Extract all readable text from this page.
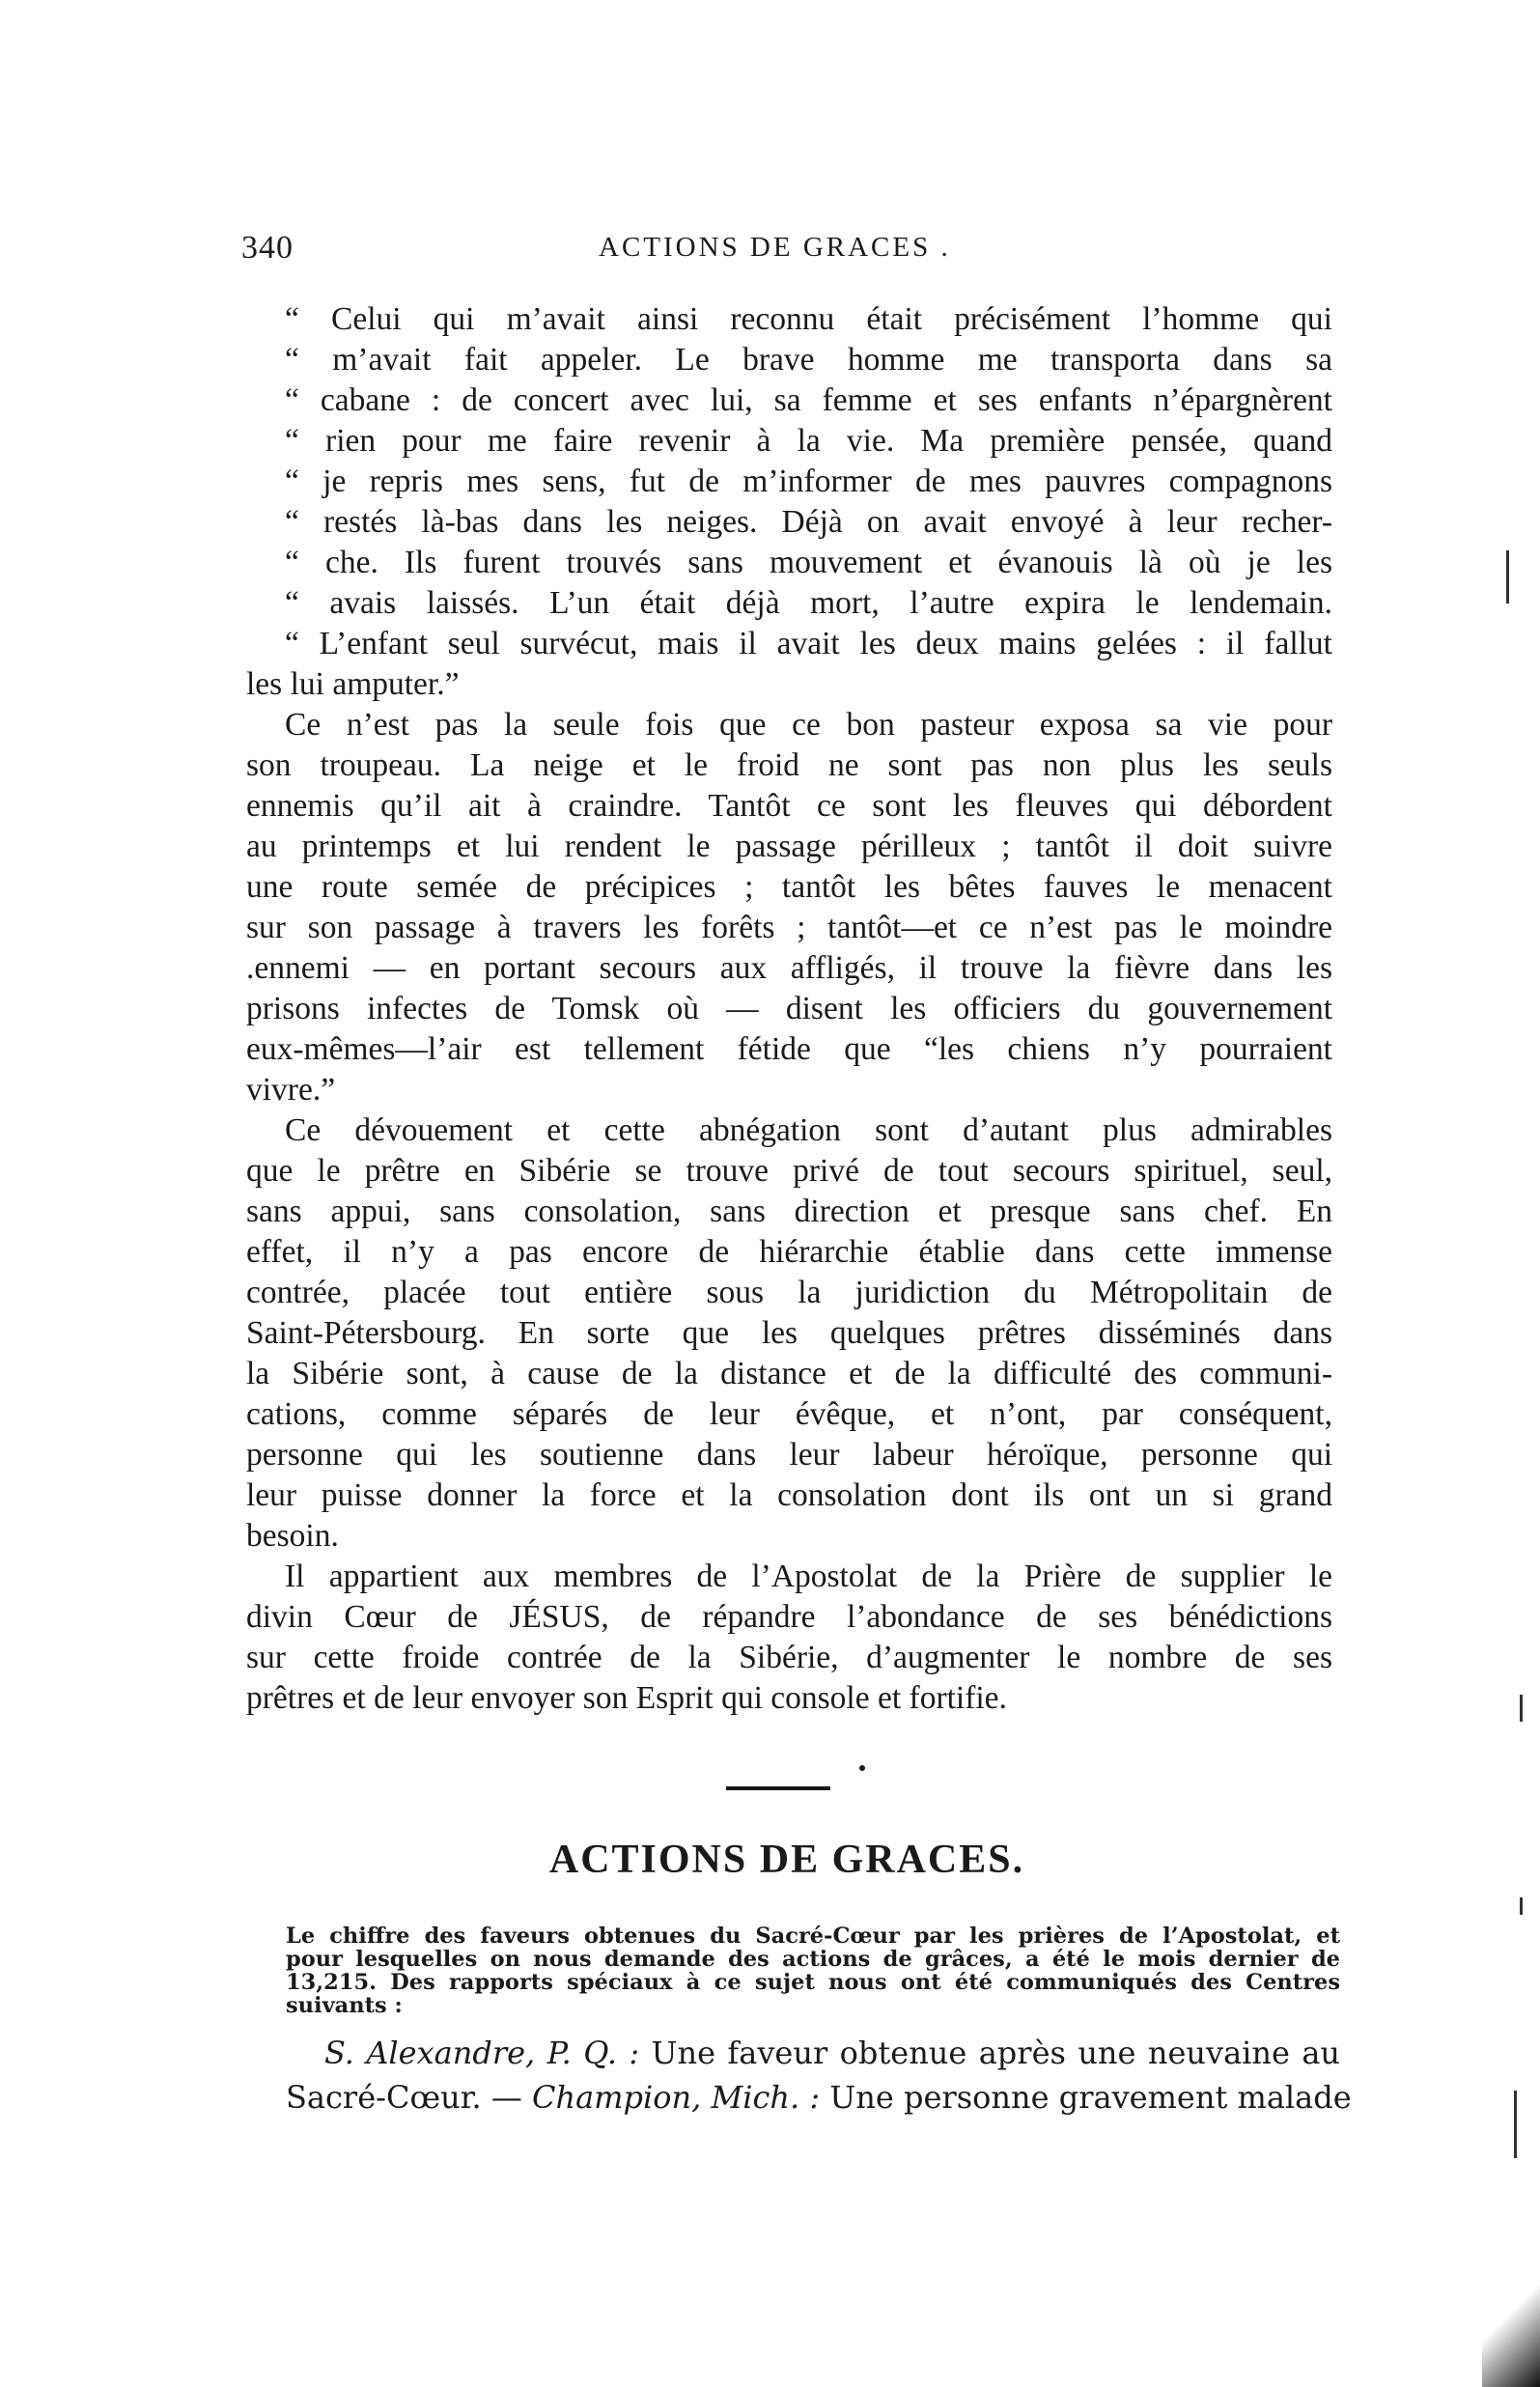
340	ACTIONS DE GRACES .
“ Celui qui m’avait ainsi reconnu était précisément l’homme qui
“ m’avait fait appeler. Le brave homme me transporta dans sa
“ cabane : de concert avec lui, sa femme et ses enfants n’épargnèrent
“ rien pour me faire revenir à la vie. Ma première pensée, quand
“ je repris mes sens, fut de m’informer de mes pauvres compagnons
“ restés là-bas dans les neiges. Déjà on avait envoyé à leur recher-
“ che. Ils furent trouvés sans mouvement et évanouis là où je les
“ avais laissés. L’un était déjà mort, l’autre expira le lendemain.
“ L’enfant seul survécut, mais il avait les deux mains gelées : il fallut
les lui amputer.”
Ce n’est pas la seule fois que ce bon pasteur exposa sa vie pour
son troupeau. La neige et le froid ne sont pas non plus les seuls
ennemis qu’il ait à craindre. Tantôt ce sont les fleuves qui débordent
au printemps et lui rendent le passage périlleux ; tantôt il doit suivre
une route semée de précipices ; tantôt les bêtes fauves le menacent
sur son passage à travers les forêts ; tantôt—et ce n’est pas le moindre
.ennemi — en portant secours aux affligés, il trouve la fièvre dans les
prisons infectes de Tomsk où — disent les officiers du gouvernement
eux-mêmes—l’air est tellement fétide que “les chiens n’y pourraient
vivre.”
Ce dévouement et cette abnégation sont d’autant plus admirables
que le prêtre en Sibérie se trouve privé de tout secours spirituel, seul,
sans appui, sans consolation, sans direction et presque sans chef. En
effet, il n’y a pas encore de hiérarchie établie dans cette immense
contrée, placée tout entière sous la juridiction du Métropolitain de
Saint-Pétersbourg. En sorte que les quelques prêtres disséminés dans
la Sibérie sont, à cause de la distance et de la difficulté des communi-
cations, comme séparés de leur évêque, et n’ont, par conséquent,
personne qui les soutienne dans leur labeur héroïque, personne qui
leur puisse donner la force et la consolation dont ils ont un si grand
besoin.
Il appartient aux membres de l’Apostolat de la Prière de supplier le
divin Cœur de JÉSUS, de répandre l’abondance de ses bénédictions
sur cette froide contrée de la Sibérie, d’augmenter le nombre de ses
prêtres et de leur envoyer son Esprit qui console et fortifie.
ACTIONS DE GRACES.
Le chiffre des faveurs obtenues du Sacré-Cœur par les prières de l’Apostolat, et
pour lesquelles on nous demande des actions de grâces, a été le mois dernier de
13,215. Des rapports spéciaux à ce sujet nous ont été communiqués des Centres
suivants :
S. Alexandre, P. Q. : Une faveur obtenue après une neuvaine au
Sacré-Cœur. — Champion, Mich. : Une personne gravement malade
